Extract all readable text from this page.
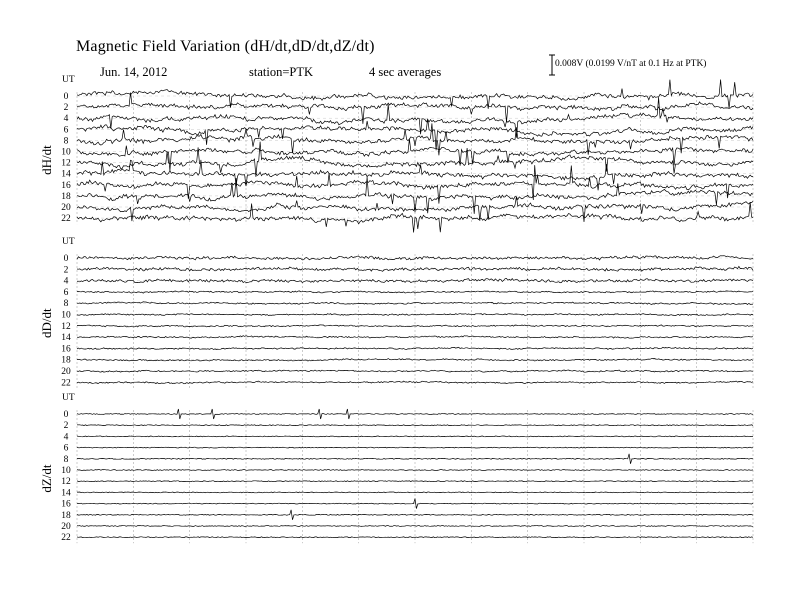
Magnetic Field Variation (dH/dt,dD/dt,dZ/dt)
Jun. 14, 2012	station=PTK	4 sec averages
0.008V (0.0199 V/nT at 0.1 Hz at PTK)
0
2
4
6
8
10
12
14
16
18
20
22
UT
dH/dt
0
2
4
6
8
10
12
14
16
18
20
22
UT
dD/dt
0
2
4
6
8
10
12
14
16
18
20
22
UT
dZ/dt
